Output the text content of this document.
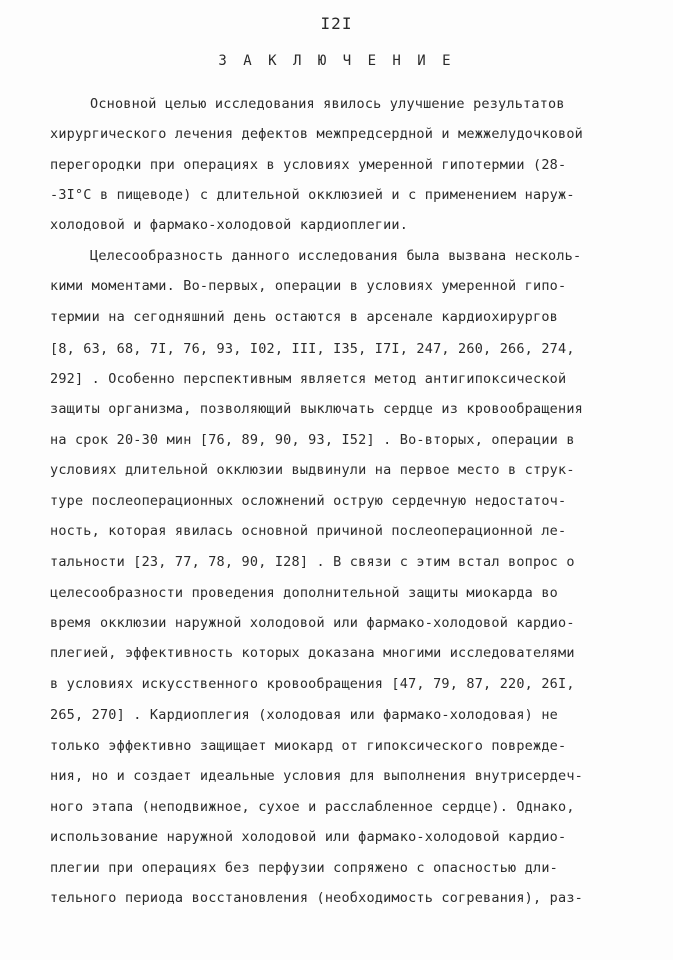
I2I
З А К Л Ю Ч Е Н И Е
Основной целью исследования явилось улучшение результатов
хирургического лечения дефектов межпредсердной и межжелудочковой
перегородки при операциях в условиях умеренной гипотермии (28-
-3I°С в пищеводе) с длительной окклюзией и с применением наруж-
холодовой и фармако-холодовой кардиоплегии.
Целесообразность данного исследования была вызвана несколь-
кими моментами. Во-первых, операции в условиях умеренной гипо-
термии на сегодняшний день остаются в арсенале кардиохирургов
[8, 63, 68, 7I, 76, 93, I02, III, I35, I7I, 247, 260, 266, 274,
292] . Особенно перспективным является метод антигипоксической
защиты организма, позволяющий выключать сердце из кровообращения
на срок 20-30 мин [76, 89, 90, 93, I52] . Во-вторых, операции в
условиях длительной окклюзии выдвинули на первое место в струк-
туре послеоперационных осложнений острую сердечную недостаточ-
ность, которая явилась основной причиной послеоперационной ле-
тальности [23, 77, 78, 90, I28] . В связи с этим встал вопрос о
целесообразности проведения дополнительной защиты миокарда во
время окклюзии наружной холодовой или фармако-холодовой кардио-
плегией, эффективность которых доказана многими исследователями
в условиях искусственного кровообращения [47, 79, 87, 220, 26I,
265, 270] . Кардиоплегия (холодовая или фармако-холодовая) не
только эффективно защищает миокард от гипоксического поврежде-
ния, но и создает идеальные условия для выполнения внутрисердеч-
ного этапа (неподвижное, сухое и расслабленное сердце). Однако,
использование наружной холодовой или фармако-холодовой кардио-
плегии при операциях без перфузии сопряжено с опасностью дли-
тельного периода восстановления (необходимость согревания), раз-
